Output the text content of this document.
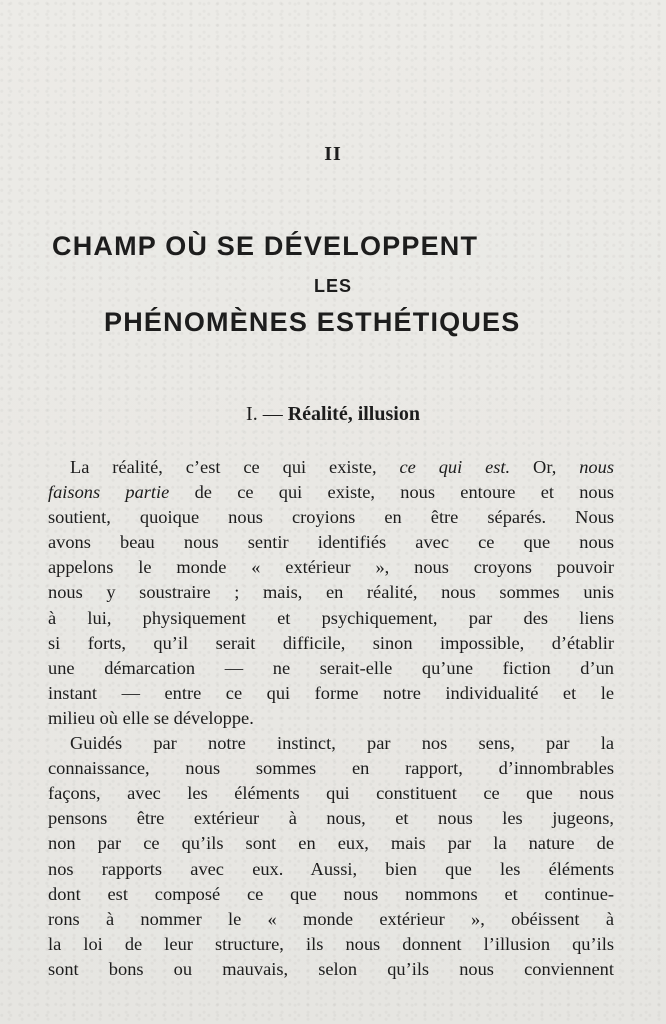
II
CHAMP OÙ SE DÉVELOPPENT
LES
PHÉNOMÈNES ESTHÉTIQUES
I. — Réalité, illusion
La réalité, c’est ce qui existe, ce qui est. Or, nous
faisons partie de ce qui existe, nous entoure et nous
soutient, quoique nous croyions en être séparés. Nous
avons beau nous sentir identifiés avec ce que nous
appelons le monde « extérieur », nous croyons pouvoir
nous y soustraire ; mais, en réalité, nous sommes unis
à lui, physiquement et psychiquement, par des liens
si forts, qu’il serait difficile, sinon impossible, d’établir
une démarcation — ne serait-elle qu’une fiction d’un
instant — entre ce qui forme notre individualité et le
milieu où elle se développe.
Guidés par notre instinct, par nos sens, par la
connaissance, nous sommes en rapport, d’innombrables
façons, avec les éléments qui constituent ce que nous
pensons être extérieur à nous, et nous les jugeons,
non par ce qu’ils sont en eux, mais par la nature de
nos rapports avec eux. Aussi, bien que les éléments
dont est composé ce que nous nommons et continue-
rons à nommer le « monde extérieur », obéissent à
la loi de leur structure, ils nous donnent l’illusion qu’ils
sont bons ou mauvais, selon qu’ils nous conviennent
